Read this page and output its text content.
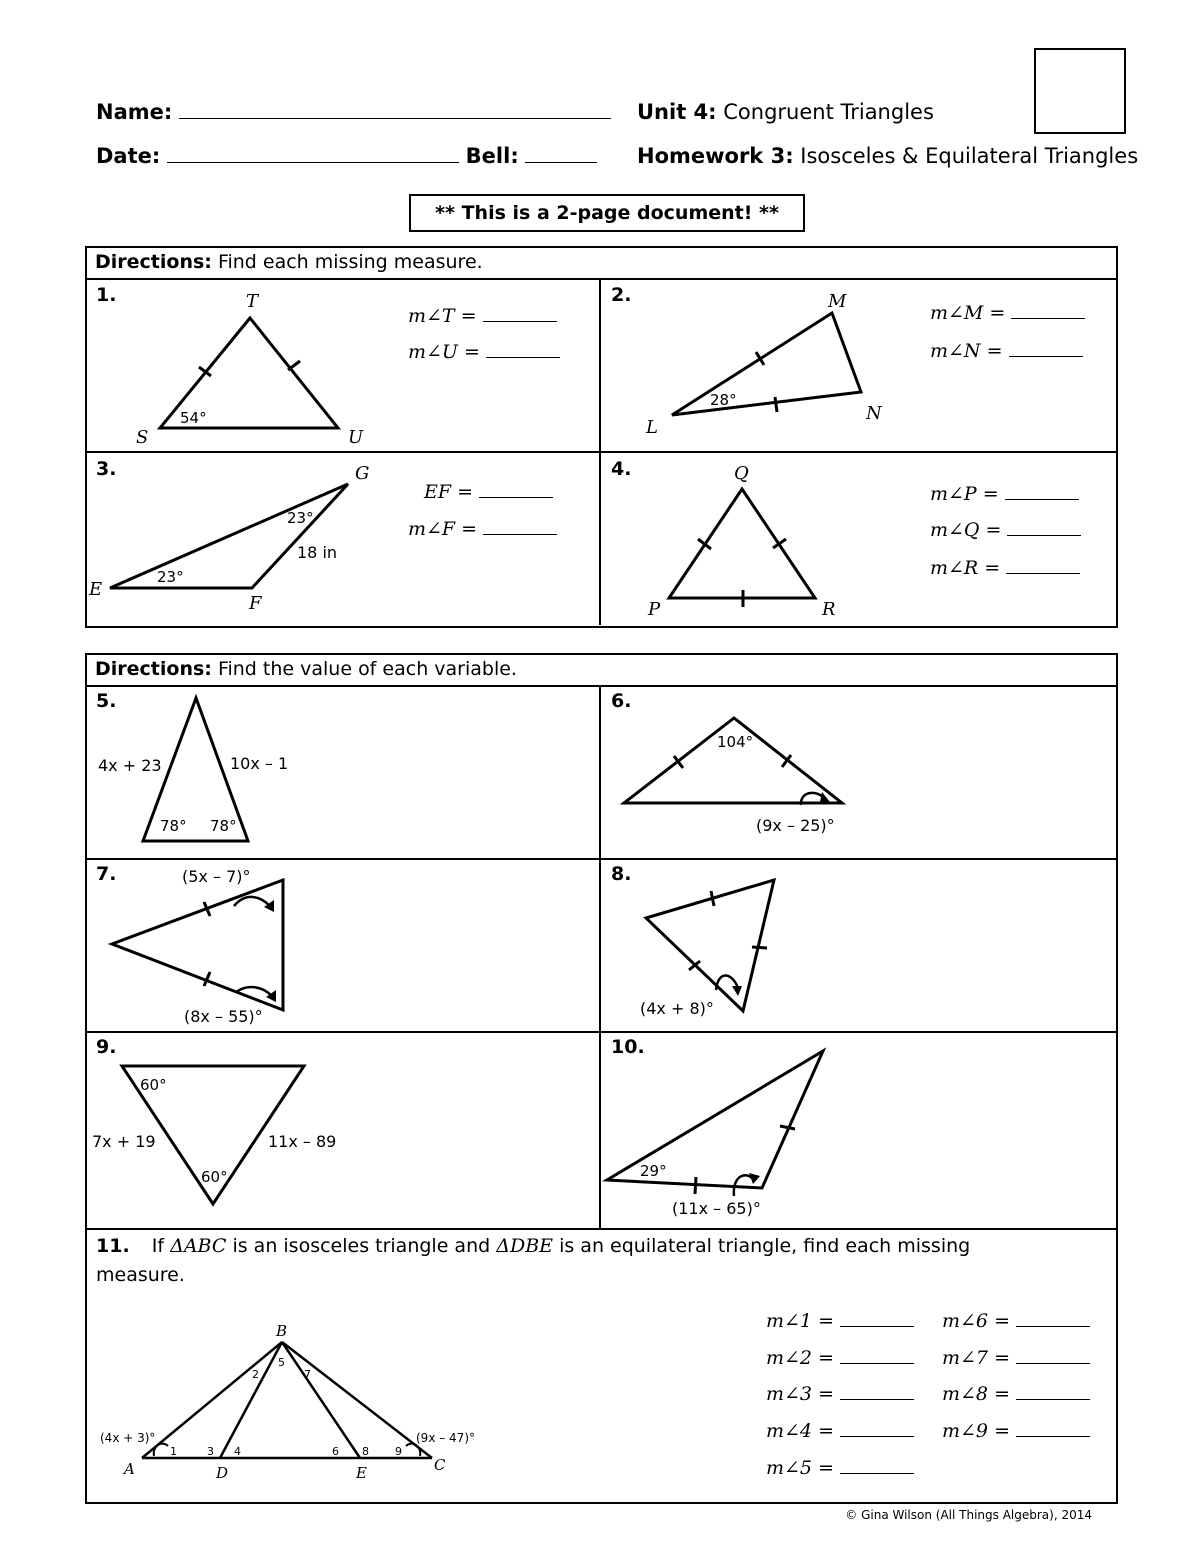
Name:	Unit 4: Congruent Triangles
Date:	Bell:	Homework 3: Isosceles & Equilateral Triangles
** This is a 2-page document! **
Directions: Find each missing measure.
1.	T
S	U
54°
m∠T =
m∠U =
2.	M
L
N
28°
m∠M =
m∠N =
3.	G
E
F
23°
23°
18 in
EF =
m∠F =
4.	Q
P	R
m∠P =
m∠Q =
m∠R =
Directions: Find the value of each variable.
5.
4x + 23	10x – 1
78° 78°
6.
104°
(9x – 25)°
7.	(5x – 7)°
(8x – 55)°
8.
(4x + 8)°
9.
60°
60°
7x + 19	11x – 89
10.
29°
(11x – 65)°
11. If ΔABC is an isosceles triangle and ΔDBE is an equilateral triangle, find each missing measure.
B
A	C
D	E
(4x + 3)°	(9x – 47)°
1
2
3 4
5
6
7
8 9
m∠1 =
m∠2 =
m∠3 =
m∠4 =
m∠5 =
m∠6 =
m∠7 =
m∠8 =
m∠9 =
© Gina Wilson (All Things Algebra), 2014
